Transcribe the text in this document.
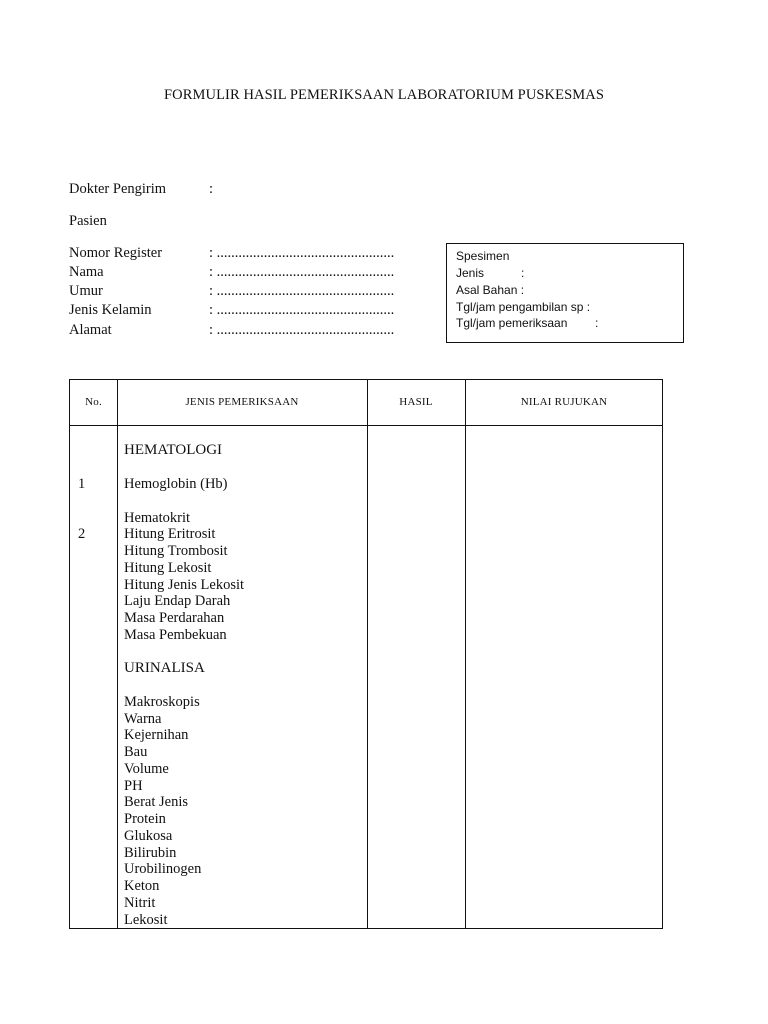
FORMULIR HASIL PEMERIKSAAN LABORATORIUM PUSKESMAS
Dokter Pengirim	:
Pasien
Nomor Register	: .................................................
Nama	: .................................................
Umur	: .................................................
Jenis Kelamin	: .................................................
Alamat	: .................................................
Spesimen
Jenis	:
Asal Bahan :
Tgl/jam pengambilan sp :
Tgl/jam pemeriksaan :
No.	JENIS PEMERIKSAAN	HASIL	NILAI RUJUKAN
HEMATOLOGI
1	Hemoglobin (Hb)
Hematokrit
2	Hitung Eritrosit
Hitung Trombosit
Hitung Lekosit
Hitung Jenis Lekosit
Laju Endap Darah
Masa Perdarahan
Masa Pembekuan
URINALISA
Makroskopis
Warna
Kejernihan
Bau
Volume
PH
Berat Jenis
Protein
Glukosa
Bilirubin
Urobilinogen
Keton
Nitrit
Lekosit
